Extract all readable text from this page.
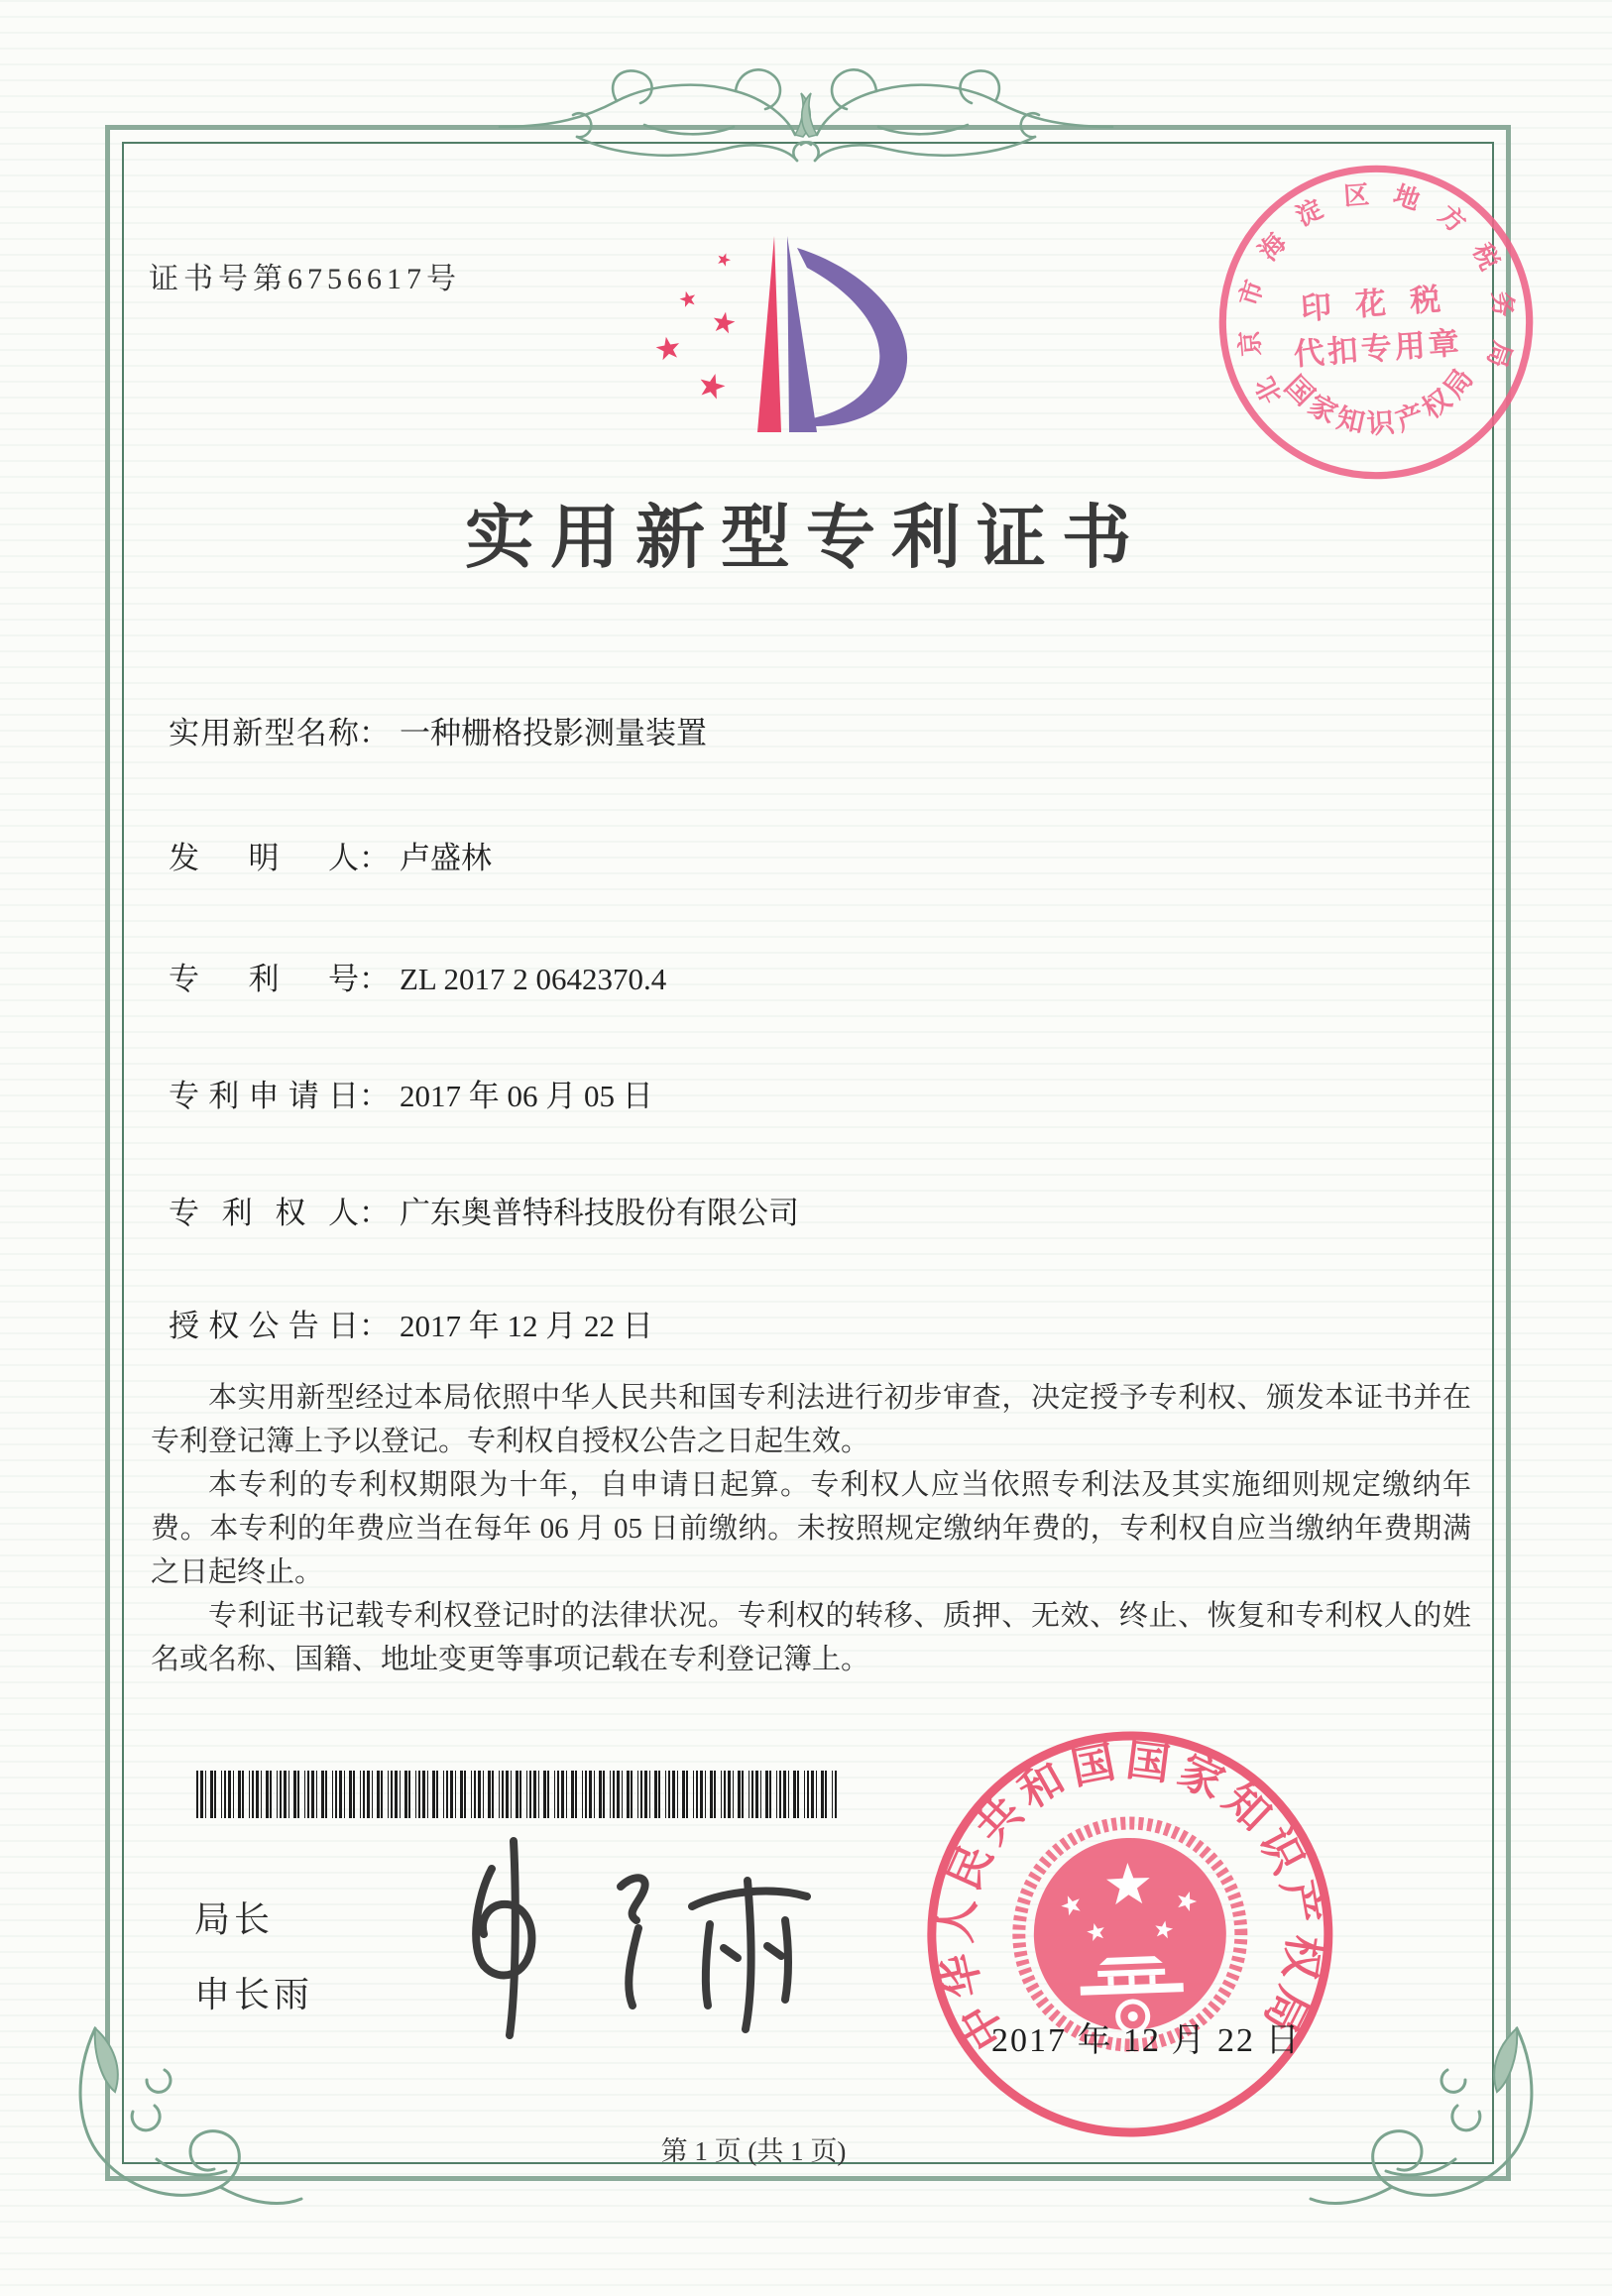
证书号第6756617号
实用新型专利证书
北京市海淀区地方税务局
国家知识产权局
印 花 税
代扣专用章
实用新型名称： 一种栅格投影测量装置
发明人： 卢盛林
专利号： ZL 2017 2 0642370.4
专利申请日： 2017 年 06 月 05 日
专利权人： 广东奥普特科技股份有限公司
授权公告日： 2017 年 12 月 22 日

本实用新型经过本局依照中华人民共和国专利法进行初步审查，决定授予专利权、颁发本证书并在专利登记簿上予以登记。专利权自授权公告之日起生效。

本专利的专利权期限为十年，自申请日起算。专利权人应当依照专利法及其实施细则规定缴纳年费。本专利的年费应当在每年 06 月 05 日前缴纳。未按照规定缴纳年费的，专利权自应当缴纳年费期满之日起终止。

专利证书记载专利权登记时的法律状况。专利权的转移、质押、无效、终止、恢复和专利权人的姓名或名称、国籍、地址变更等事项记载在专利登记簿上。

局长
申长雨	中华人民共和国国家知识产权局
2017 年 12 月 22 日
第 1 页 (共 1 页)
